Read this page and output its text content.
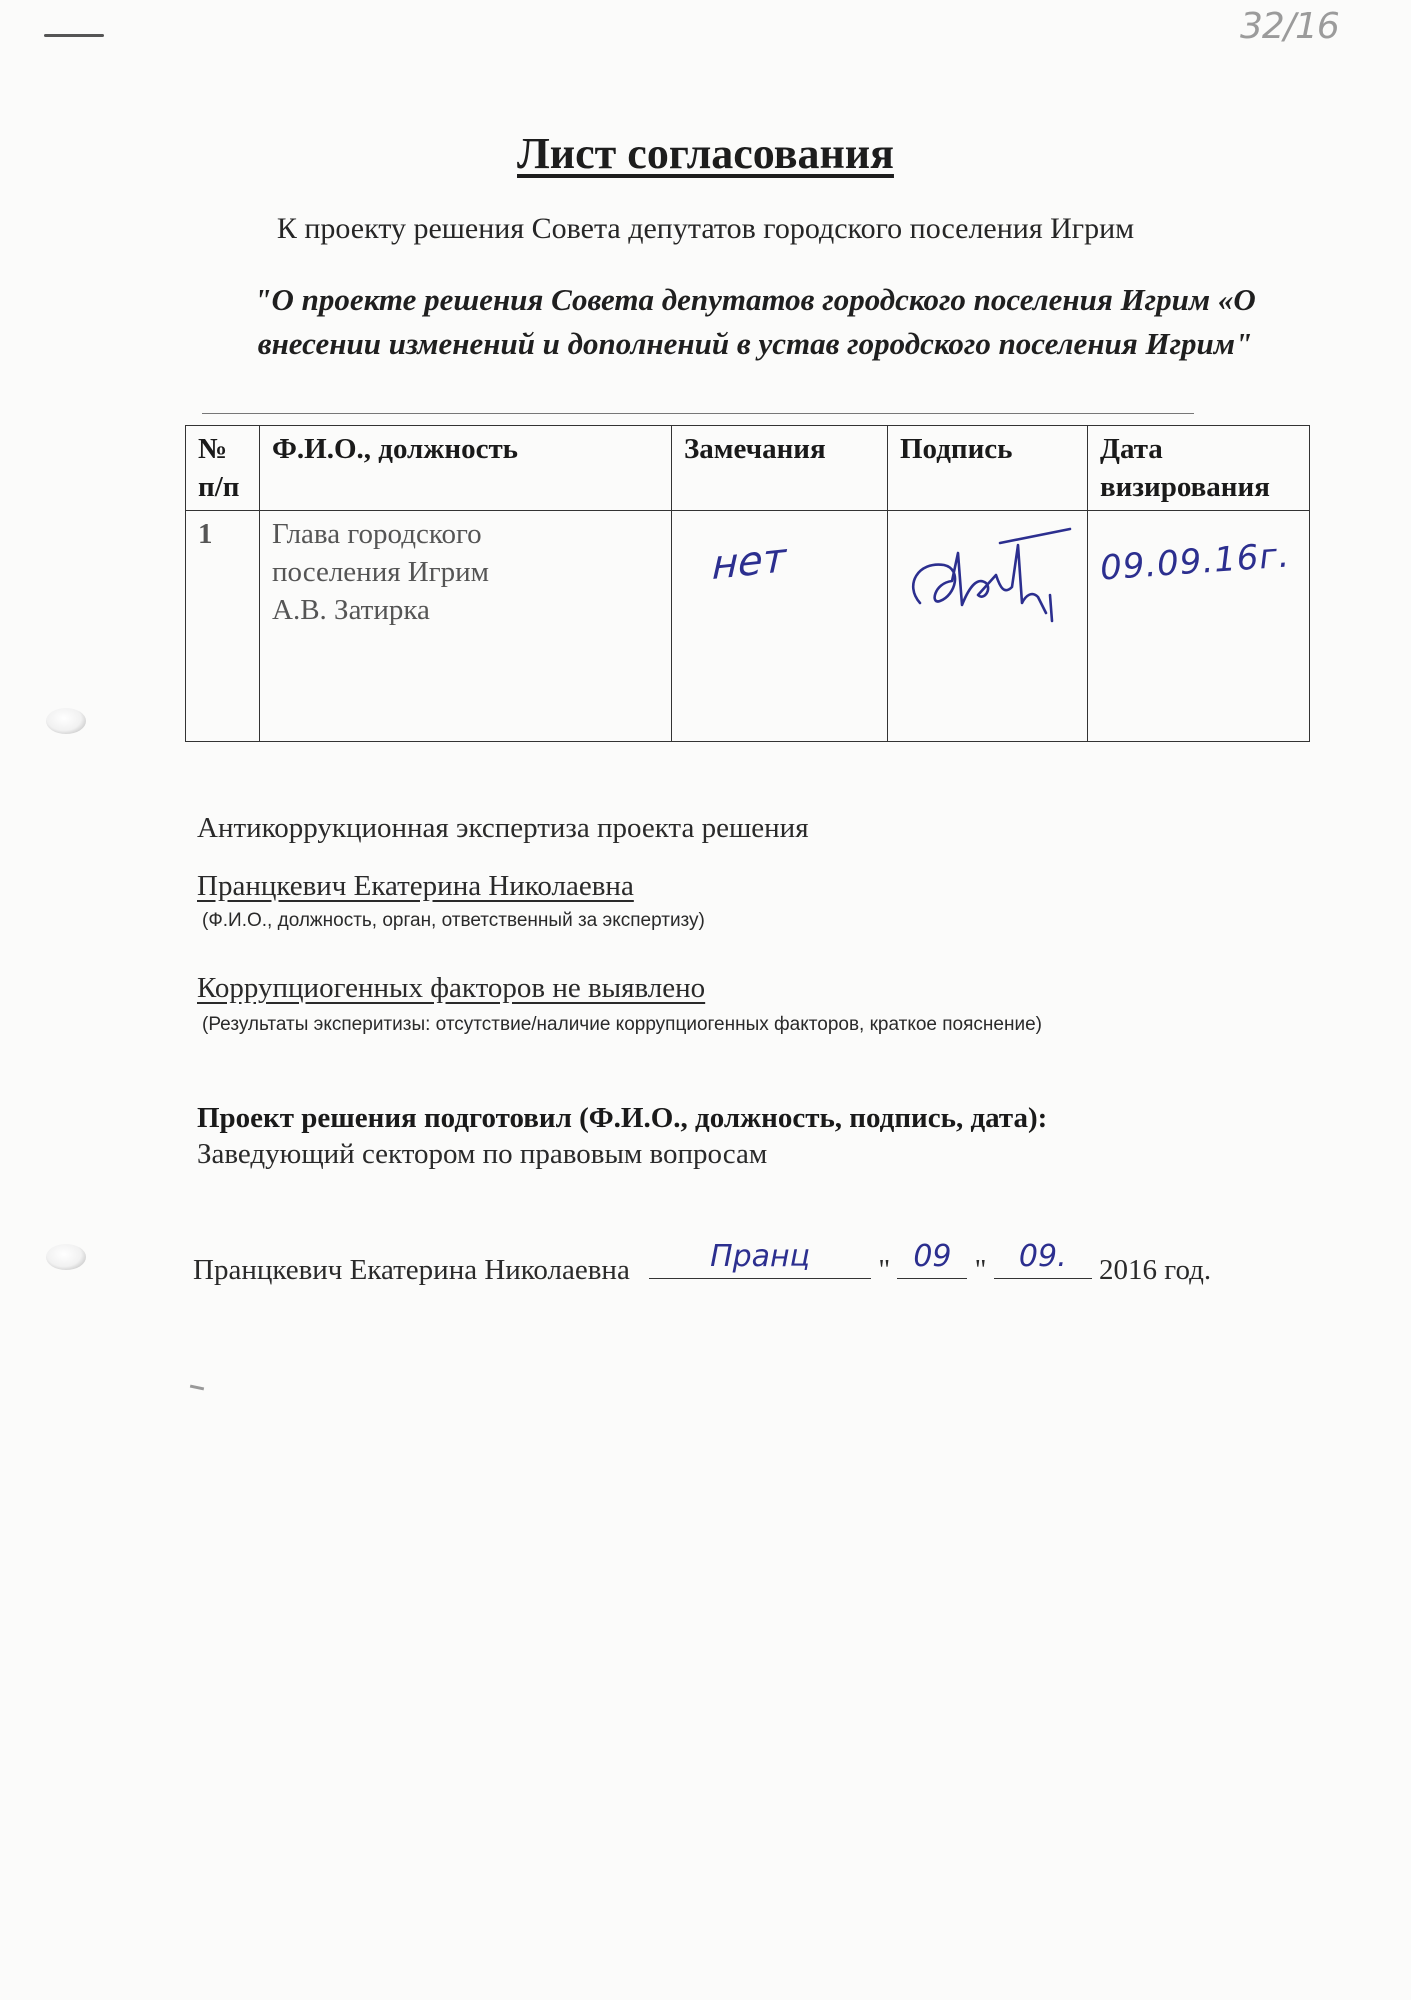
32/16
Лист согласования
К проекту решения Совета депутатов городского поселения Игрим
"О проекте решения Совета депутатов городского поселения Игрим «О
внесении изменений и дополнений в устав городского поселения Игрим"
№ п/п	Ф.И.О., должность	Замечания	Подпись	Дата визирования
1	Глава городского
поселения Игрим
А.В. Затирка	нет		09.09.16г.
Антикоррукционная экспертиза проекта решения
Пранцкевич Екатерина Николаевна
(Ф.И.О., должность, орган, ответственный за экспертизу)
Коррупциогенных факторов не выявлено
(Результаты эксперитизы: отсутствие/наличие коррупциогенных факторов, краткое пояснение)
Проект решения подготовил (Ф.И.О., должность, подпись, дата):
Заведующий сектором по правовым вопросам
Пранцкевич Екатерина Николаевна	Пранц	" 09 "	09.	2016 год.
